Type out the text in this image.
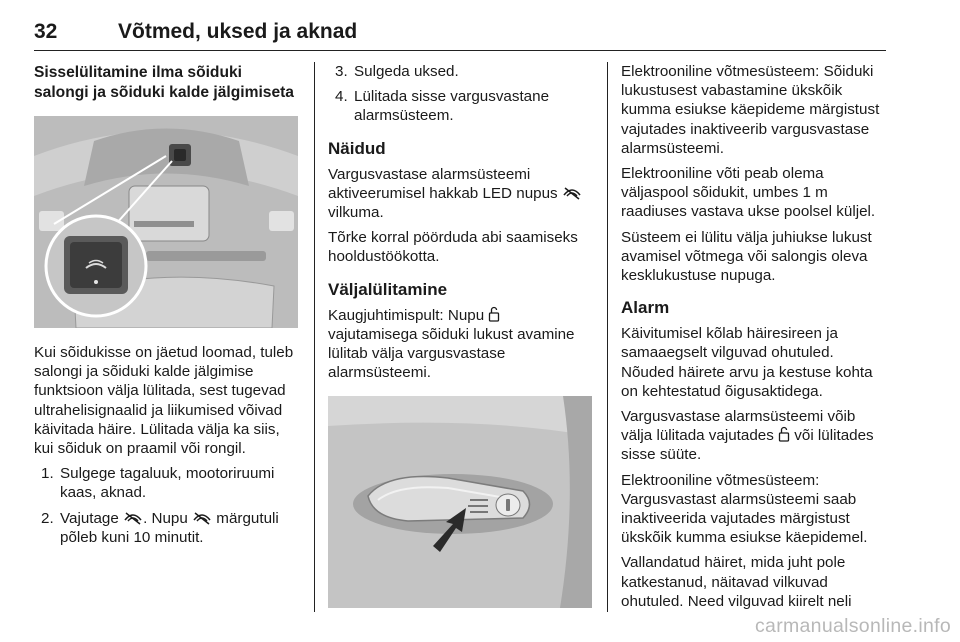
32	Võtmed, uksed ja aknad
Sisselülitamine ilma sõiduki salongi ja sõiduki kalde jälgimiseta

Kui sõidukisse on jäetud loomad, tuleb salongi ja sõiduki kalde jälgimise funktsioon välja lülitada, sest tugevad ultrahelisignaalid ja liikumised võivad käivitada häire. Lülitada välja ka siis, kui sõiduk on praamil või rongil.

1. Sulgege tagaluuk, mootoriruumi kaas, aknad.
2. Vajutage . Nupu märgutuli põleb kuni 10 minutit.
3. Sulgeda uksed.
4. Lülitada sisse vargusvastane alarmsüsteem.
Näidud

Vargusvastase alarmsüsteemi aktiveerumisel hakkab LED nupus  vilkuma.

Tõrke korral pöörduda abi saamiseks hooldustöökotta.

Väljalülitamine

Kaugjuhtimispult: Nupu  vajutamisega sõiduki lukust avamine lülitab välja vargusvastase alarmsüsteemi.

Elektrooniline võtmesüsteem: Sõiduki lukustusest vabastamine ükskõik kumma esiukse käepideme märgistust vajutades inaktiveerib vargusvastase alarmsüsteemi.

Elektrooniline võti peab olema väljaspool sõidukit, umbes 1 m raadiuses vastava ukse poolsel küljel.

Süsteem ei lülitu välja juhiukse lukust avamisel võtmega või salongis oleva kesklukustuse nupuga.

Alarm

Käivitumisel kõlab häiresireen ja samaaegselt vilguvad ohutuled. Nõuded häirete arvu ja kestuse kohta on kehtestatud õigusaktidega.

Vargusvastase alarmsüsteemi võib välja lülitada vajutades või lülitades sisse süüte.

Elektrooniline võtmesüsteem: Vargusvastast alarmsüsteemi saab inaktiveerida vajutades märgistust ükskõik kumma esiukse käepidemel.

Vallandatud häiret, mida juht pole katkestanud, näitavad vilkuvad ohutuled. Need vilguvad kiirelt neli

carmanualsonline.info
